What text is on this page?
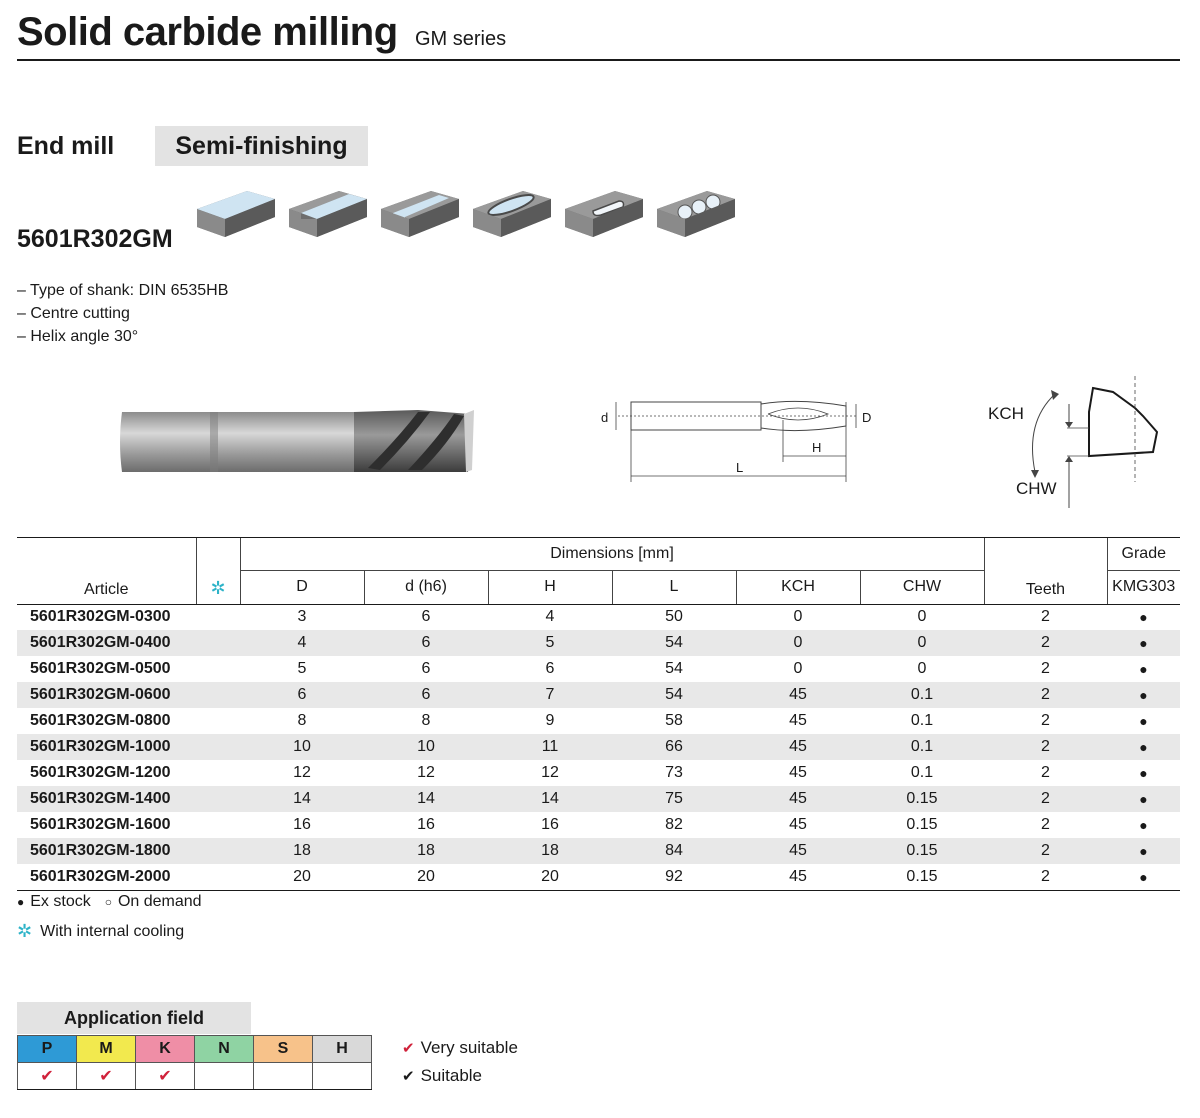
Solid carbide milling GM series
End mill	Semi-finishing
5601R302GM
– Type of shank: DIN 6535HB
– Centre cutting
– Helix angle 30°
d	D
H
L
KCH
CHW
Article	✲	Dimensions [mm]						Teeth	Grade
		D	d (h6)	H	L	KCH	CHW		KMG303

5601R302GM-0300		3	6	4	50	0	0	2	●
5601R302GM-0400		4	6	5	54	0	0	2	●
5601R302GM-0500		5	6	6	54	0	0	2	●
5601R302GM-0600		6	6	7	54	45	0.1	2	●
5601R302GM-0800		8	8	9	58	45	0.1	2	●
5601R302GM-1000		10	10	11	66	45	0.1	2	●
5601R302GM-1200		12	12	12	73	45	0.1	2	●
5601R302GM-1400		14	14	14	75	45	0.15	2	●
5601R302GM-1600		16	16	16	82	45	0.15	2	●
5601R302GM-1800		18	18	18	84	45	0.15	2	●
5601R302GM-2000		20	20	20	92	45	0.15	2	●
● Ex stock ○ On demand
✲ With internal cooling
Application field
P	M	K	N	S	H
✔	✔	✔			
✔ Very suitable
✔ Suitable
